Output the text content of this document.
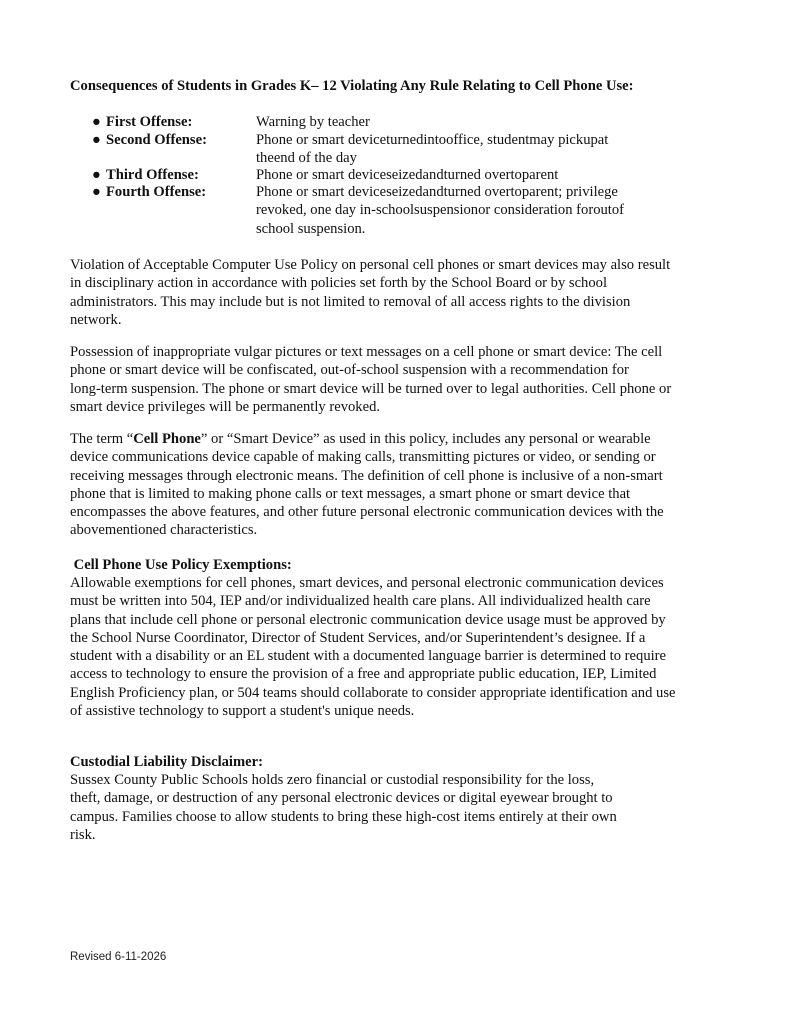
Consequences of Students in Grades K– 12 Violating Any Rule Relating to Cell Phone Use:
● First Offense:	Warning by teacher

● Second Offense:	Phone or smart deviceturnedintooffice, studentmay pickupat

theend of the day

● Third Offense:	Phone or smart deviceseizedandturned overtoparent

● Fourth Offense:	Phone or smart deviceseizedandturned overtoparent; privilege

revoked, one day in-schoolsuspensionor consideration foroutof

school suspension.

Violation of Acceptable Computer Use Policy on personal cell phones or smart devices may also result

in disciplinary action in accordance with policies set forth by the School Board or by school

administrators. This may include but is not limited to removal of all access rights to the division

network.

Possession of inappropriate vulgar pictures or text messages on a cell phone or smart device: The cell

phone or smart device will be confiscated, out-of-school suspension with a recommendation for

long-term suspension. The phone or smart device will be turned over to legal authorities. Cell phone or

smart device privileges will be permanently revoked.

The term “Cell Phone” or “Smart Device” as used in this policy, includes any personal or wearable

device communications device capable of making calls, transmitting pictures or video, or sending or

receiving messages through electronic means. The definition of cell phone is inclusive of a non-smart

phone that is limited to making phone calls or text messages, a smart phone or smart device that

encompasses the above features, and other future personal electronic communication devices with the

abovementioned characteristics.

Cell Phone Use Policy Exemptions:

Allowable exemptions for cell phones, smart devices, and personal electronic communication devices

must be written into 504, IEP and/or individualized health care plans. All individualized health care

plans that include cell phone or personal electronic communication device usage must be approved by

the School Nurse Coordinator, Director of Student Services, and/or Superintendent’s designee. If a

student with a disability or an EL student with a documented language barrier is determined to require

access to technology to ensure the provision of a free and appropriate public education, IEP, Limited

English Proficiency plan, or 504 teams should collaborate to consider appropriate identification and use

of assistive technology to support a student's unique needs.

Custodial Liability Disclaimer:

Sussex County Public Schools holds zero financial or custodial responsibility for the loss,

theft, damage, or destruction of any personal electronic devices or digital eyewear brought to

campus. Families choose to allow students to bring these high-cost items entirely at their own

risk.

Revised 6-11-2026
